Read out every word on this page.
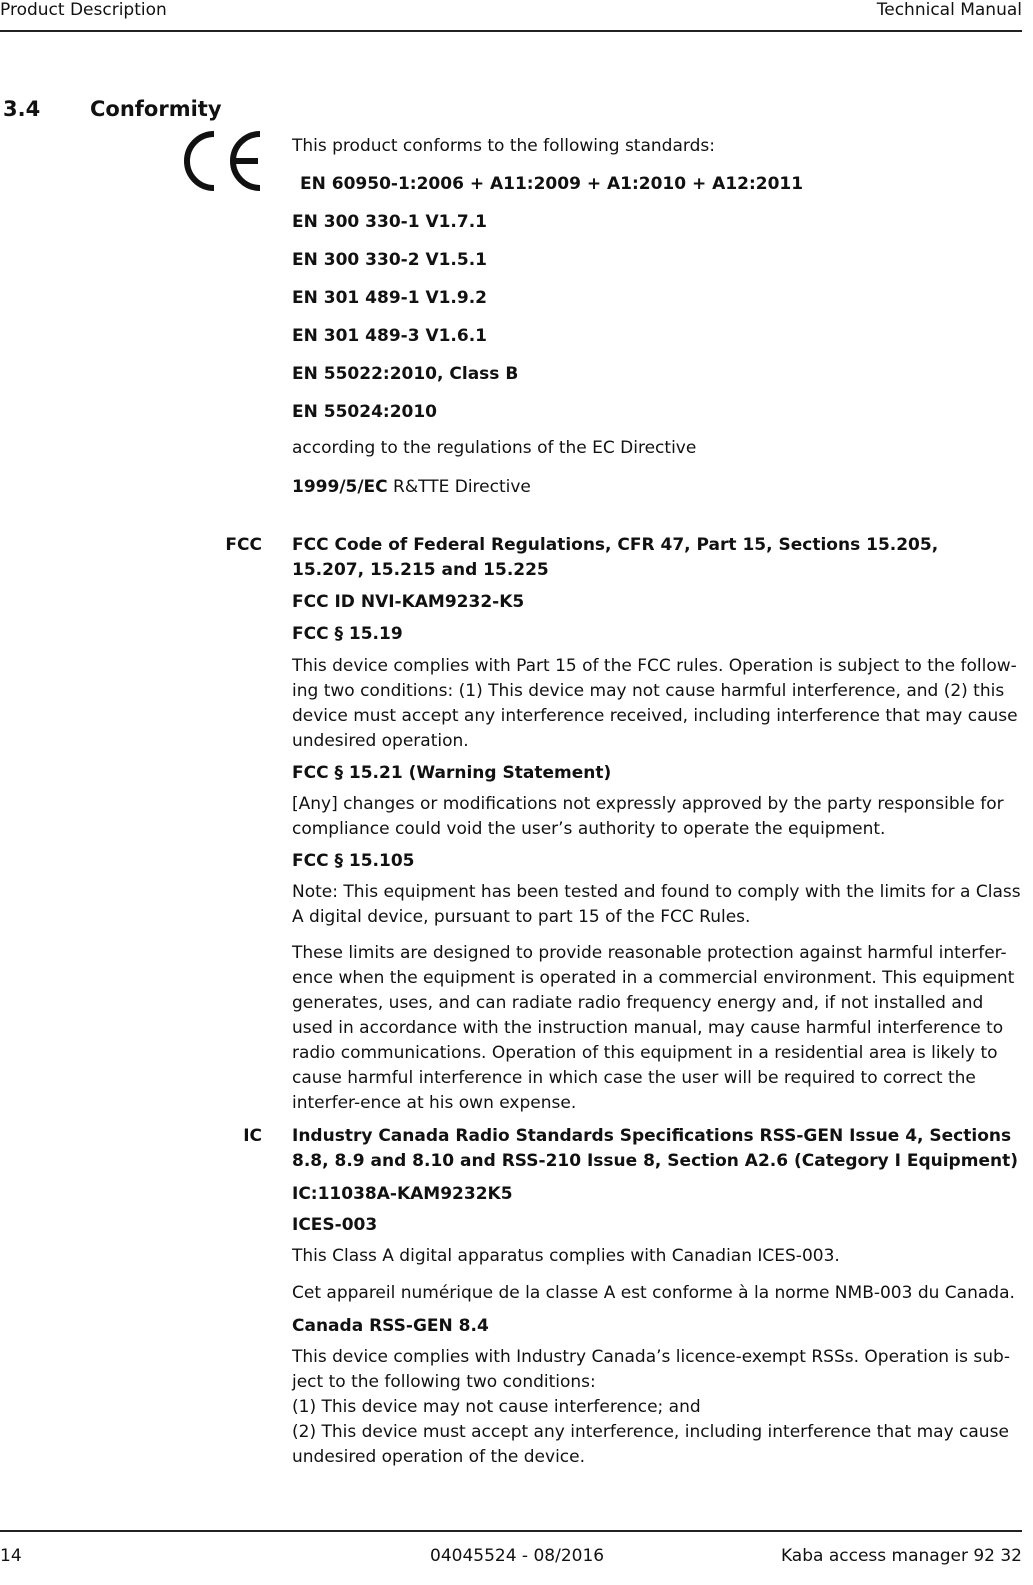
Product Description	Technical Manual
3.4 Conformity

This product conforms to the following standards:

EN 60950-1:2006 + A11:2009 + A1:2010 + A12:2011

EN 300 330-1 V1.7.1

EN 300 330-2 V1.5.1

EN 301 489-1 V1.9.2

EN 301 489-3 V1.6.1

EN 55022:2010, Class B

EN 55024:2010

according to the regulations of the EC Directive

1999/5/EC R&TTE Directive

FCC FCC Code of Federal Regulations, CFR 47, Part 15, Sections 15.205, 15.207, 15.215 and 15.225

FCC ID NVI-KAM9232-K5

FCC § 15.19

This device complies with Part 15 of the FCC rules. Operation is subject to the follow-ing two conditions: (1) This device may not cause harmful interference, and (2) this device must accept any interference received, including interference that may cause undesired operation.

FCC § 15.21 (Warning Statement)

[Any] changes or modifications not expressly approved by the party responsible for compliance could void the user’s authority to operate the equipment.

FCC § 15.105

Note: This equipment has been tested and found to comply with the limits for a Class A digital device, pursuant to part 15 of the FCC Rules.

These limits are designed to provide reasonable protection against harmful interfer-ence when the equipment is operated in a commercial environment. This equipment generates, uses, and can radiate radio frequency energy and, if not installed and used in accordance with the instruction manual, may cause harmful interference to radio communications. Operation of this equipment in a residential area is likely to cause harmful interference in which case the user will be required to correct the interfer-ence at his own expense.

IC Industry Canada Radio Standards Specifications RSS-GEN Issue 4, Sections 8.8, 8.9 and 8.10 and RSS-210 Issue 8, Section A2.6 (Category I Equipment)

IC:11038A-KAM9232K5

ICES-003

This Class A digital apparatus complies with Canadian ICES-003.

Cet appareil numérique de la classe A est conforme à la norme NMB-003 du Canada.

Canada RSS-GEN 8.4

This device complies with Industry Canada’s licence-exempt RSSs. Operation is sub-ject to the following two conditions:
(1) This device may not cause interference; and
(2) This device must accept any interference, including interference that may cause undesired operation of the device.
14	04045524 - 08/2016	Kaba access manager 92 32
